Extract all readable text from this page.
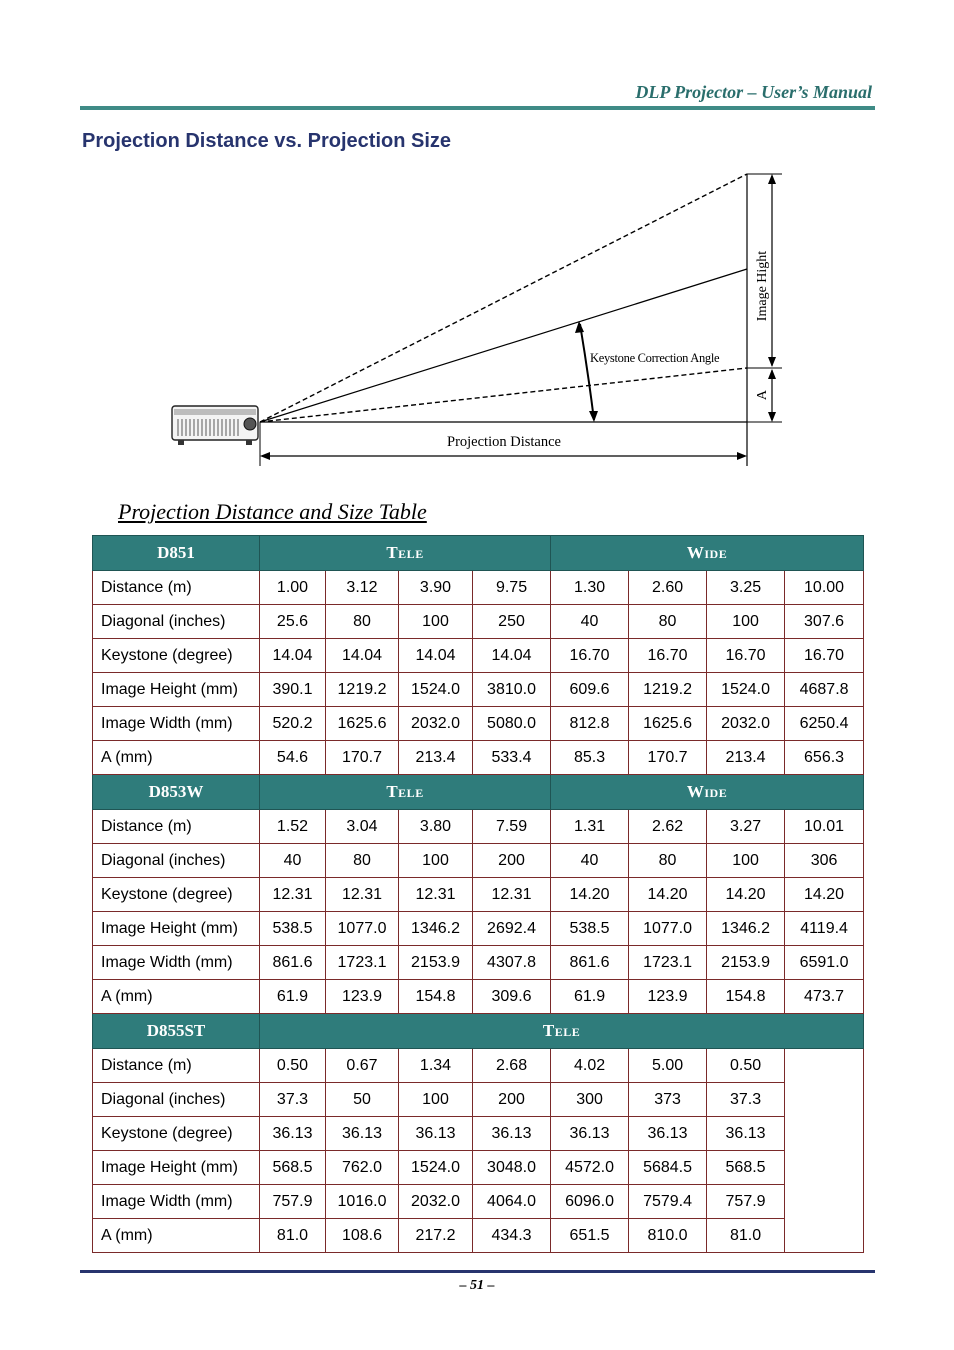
DLP Projector – User’s Manual
Projection Distance vs. Projection Size
Image Hight
A
Keystone Correction Angle
Projection Distance
Projection Distance and Size Table
D851	Tele				Wide			
Distance (m)	1.00	3.12	3.90	9.75	1.30	2.60	3.25	10.00
Diagonal (inches)	25.6	80	100	250	40	80	100	307.6
Keystone (degree)	14.04	14.04	14.04	14.04	16.70	16.70	16.70	16.70
Image Height (mm)	390.1	1219.2	1524.0	3810.0	609.6	1219.2	1524.0	4687.8
Image Width (mm)	520.2	1625.6	2032.0	5080.0	812.8	1625.6	2032.0	6250.4
A (mm)	54.6	170.7	213.4	533.4	85.3	170.7	213.4	656.3
D853W	Tele				Wide			
Distance (m)	1.52	3.04	3.80	7.59	1.31	2.62	3.27	10.01
Diagonal (inches)	40	80	100	200	40	80	100	306
Keystone (degree)	12.31	12.31	12.31	12.31	14.20	14.20	14.20	14.20
Image Height (mm)	538.5	1077.0	1346.2	2692.4	538.5	1077.0	1346.2	4119.4
Image Width (mm)	861.6	1723.1	2153.9	4307.8	861.6	1723.1	2153.9	6591.0
A (mm)	61.9	123.9	154.8	309.6	61.9	123.9	154.8	473.7
D855ST	Tele							
Distance (m)	0.50	0.67	1.34	2.68	4.02	5.00	0.50	
Diagonal (inches)	37.3	50	100	200	300	373	37.3	
Keystone (degree)	36.13	36.13	36.13	36.13	36.13	36.13	36.13	
Image Height (mm)	568.5	762.0	1524.0	3048.0	4572.0	5684.5	568.5	
Image Width (mm)	757.9	1016.0	2032.0	4064.0	6096.0	7579.4	757.9	
A (mm)	81.0	108.6	217.2	434.3	651.5	810.0	81.0	
– 51 –
